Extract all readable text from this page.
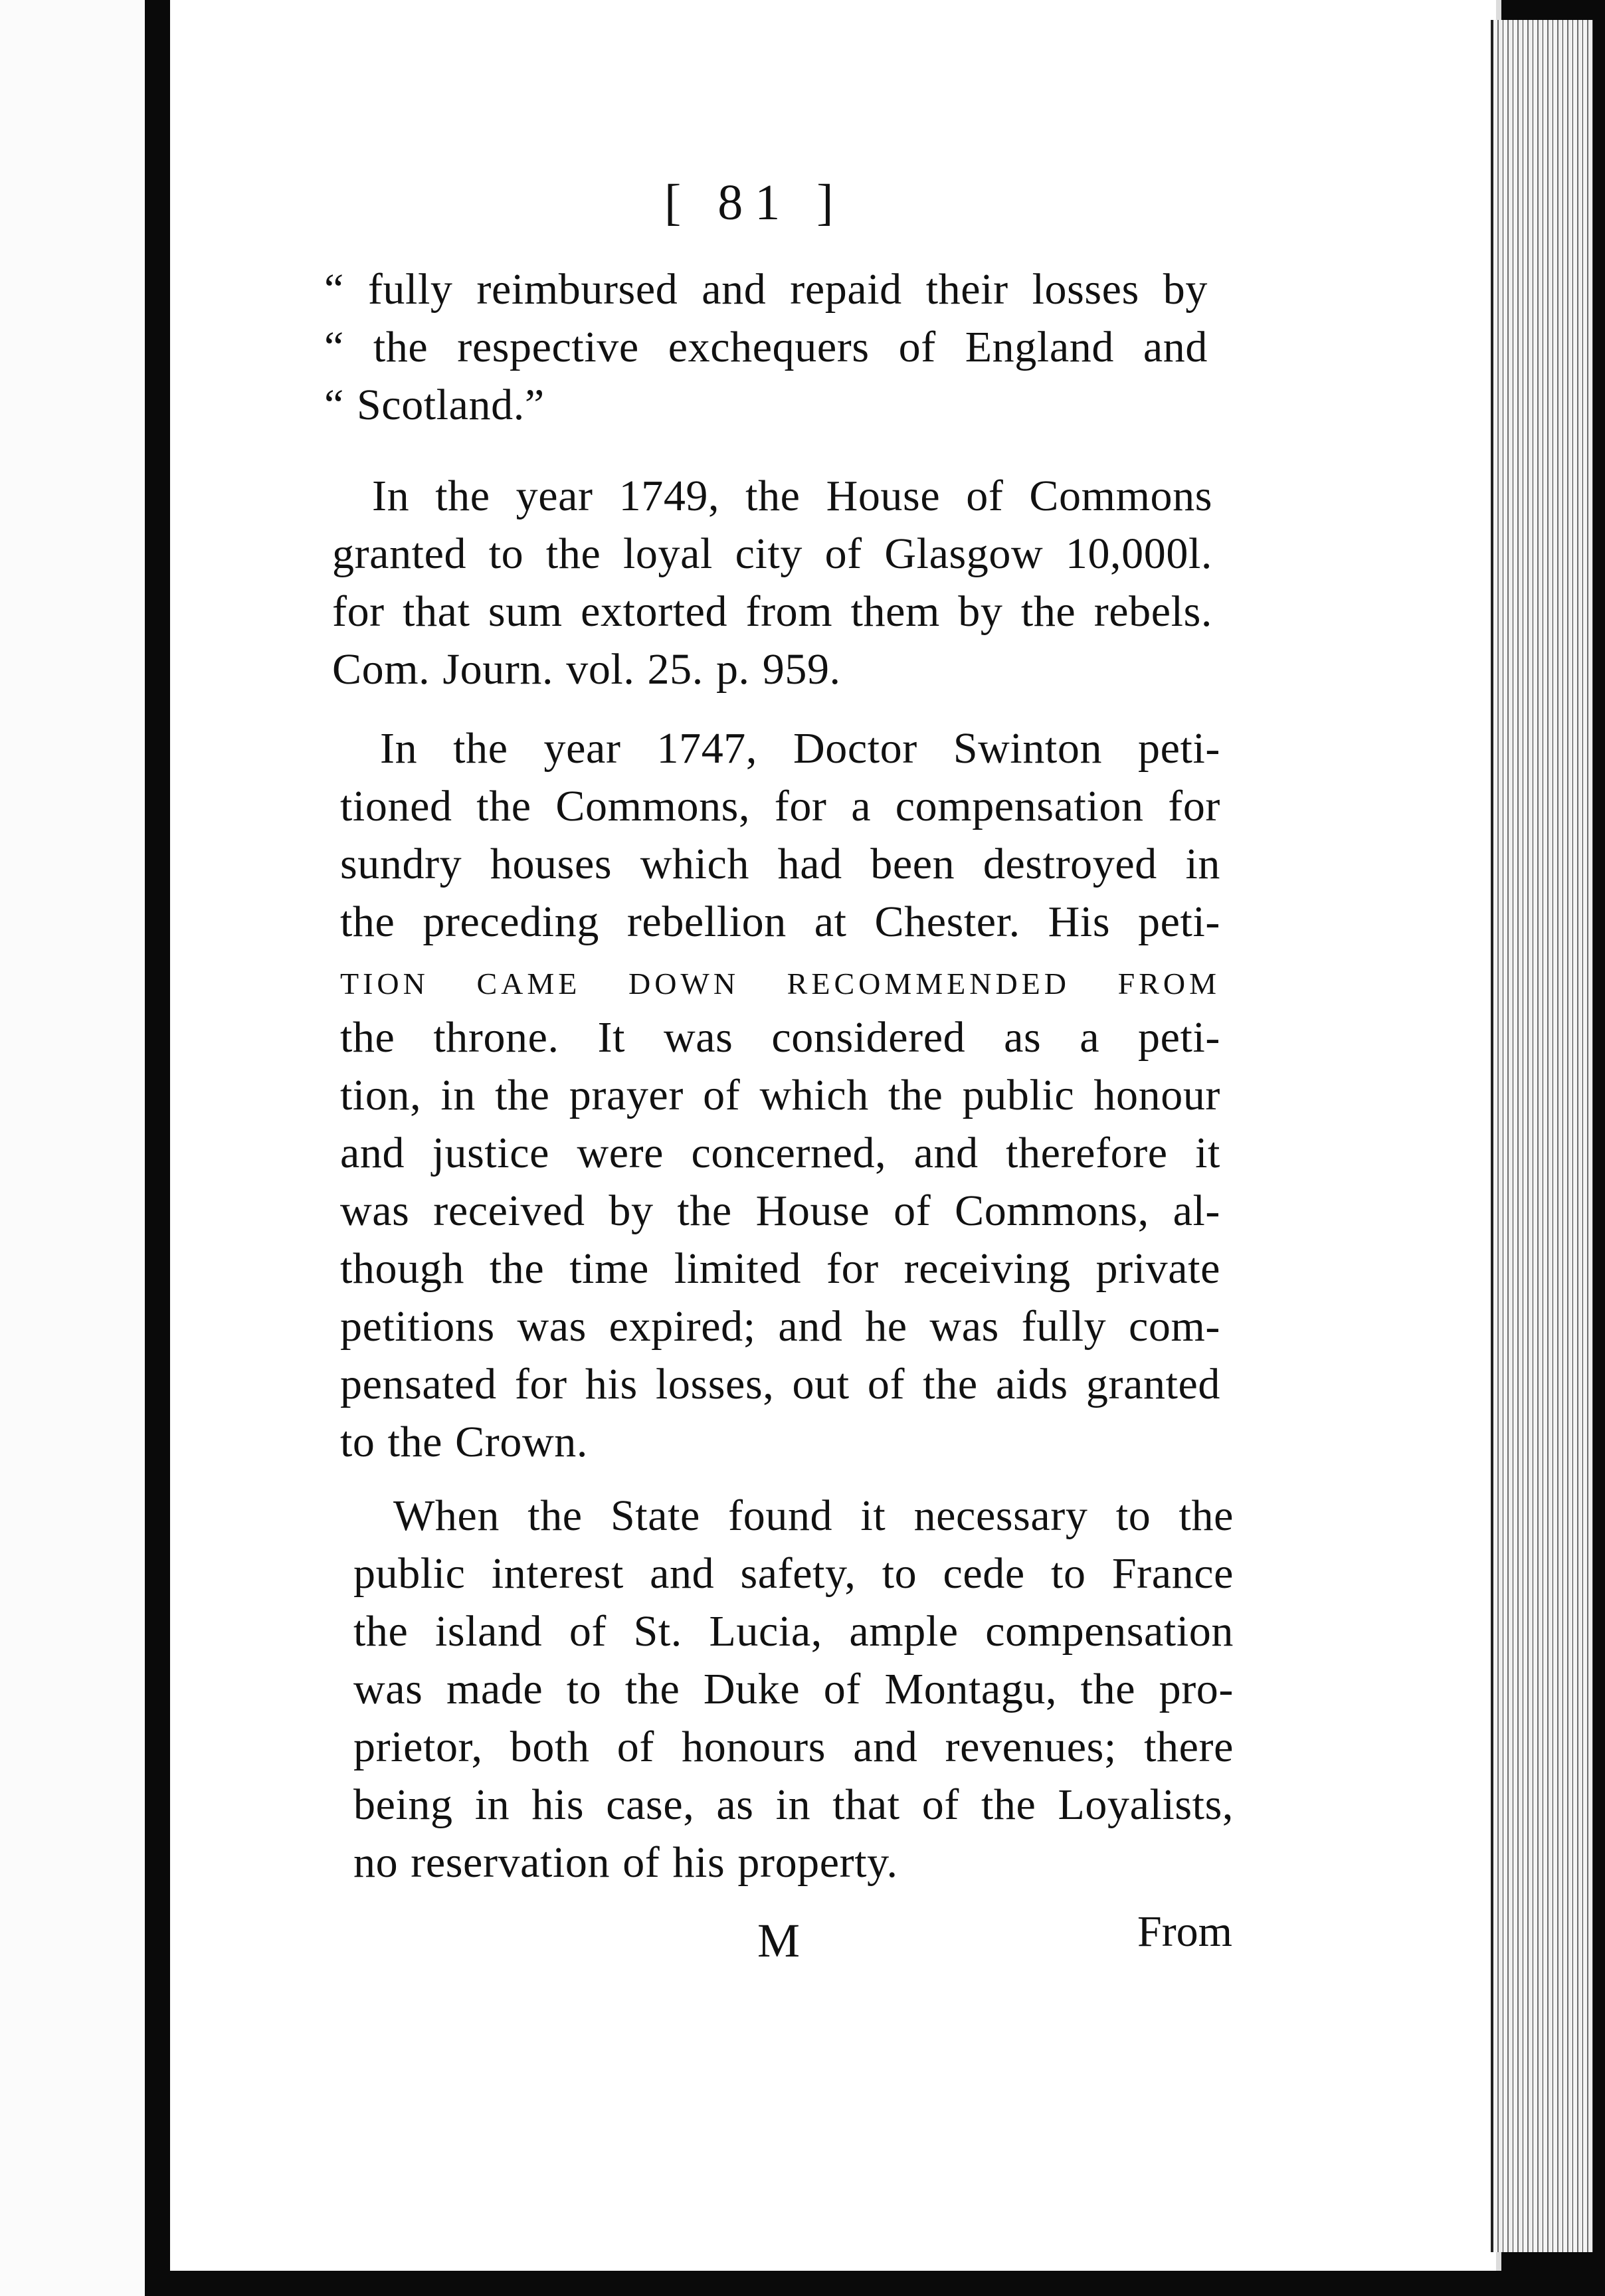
[ 81 ]
“ fully reimbursed and repaid their losses by
“ the respective exchequers of England and
“ Scotland.”
In the year 1749, the House of Commons
granted to the loyal city of Glasgow 10,000l.
for that sum extorted from them by the rebels.
Com. Journ. vol. 25. p. 959.
In the year 1747, Doctor Swinton peti-
tioned the Commons, for a compensation for
sundry houses which had been destroyed in
the preceding rebellion at Chester. His peti-
tion came down recommended from
the throne. It was considered as a peti-
tion, in the prayer of which the public honour
and justice were concerned, and therefore it
was received by the House of Commons, al-
though the time limited for receiving private
petitions was expired; and he was fully com-
pensated for his losses, out of the aids granted
to the Crown.
When the State found it necessary to the
public interest and safety, to cede to France
the island of St. Lucia, ample compensation
was made to the Duke of Montagu, the pro-
prietor, both of honours and revenues; there
being in his case, as in that of the Loyalists,
no reservation of his property.
M	From
